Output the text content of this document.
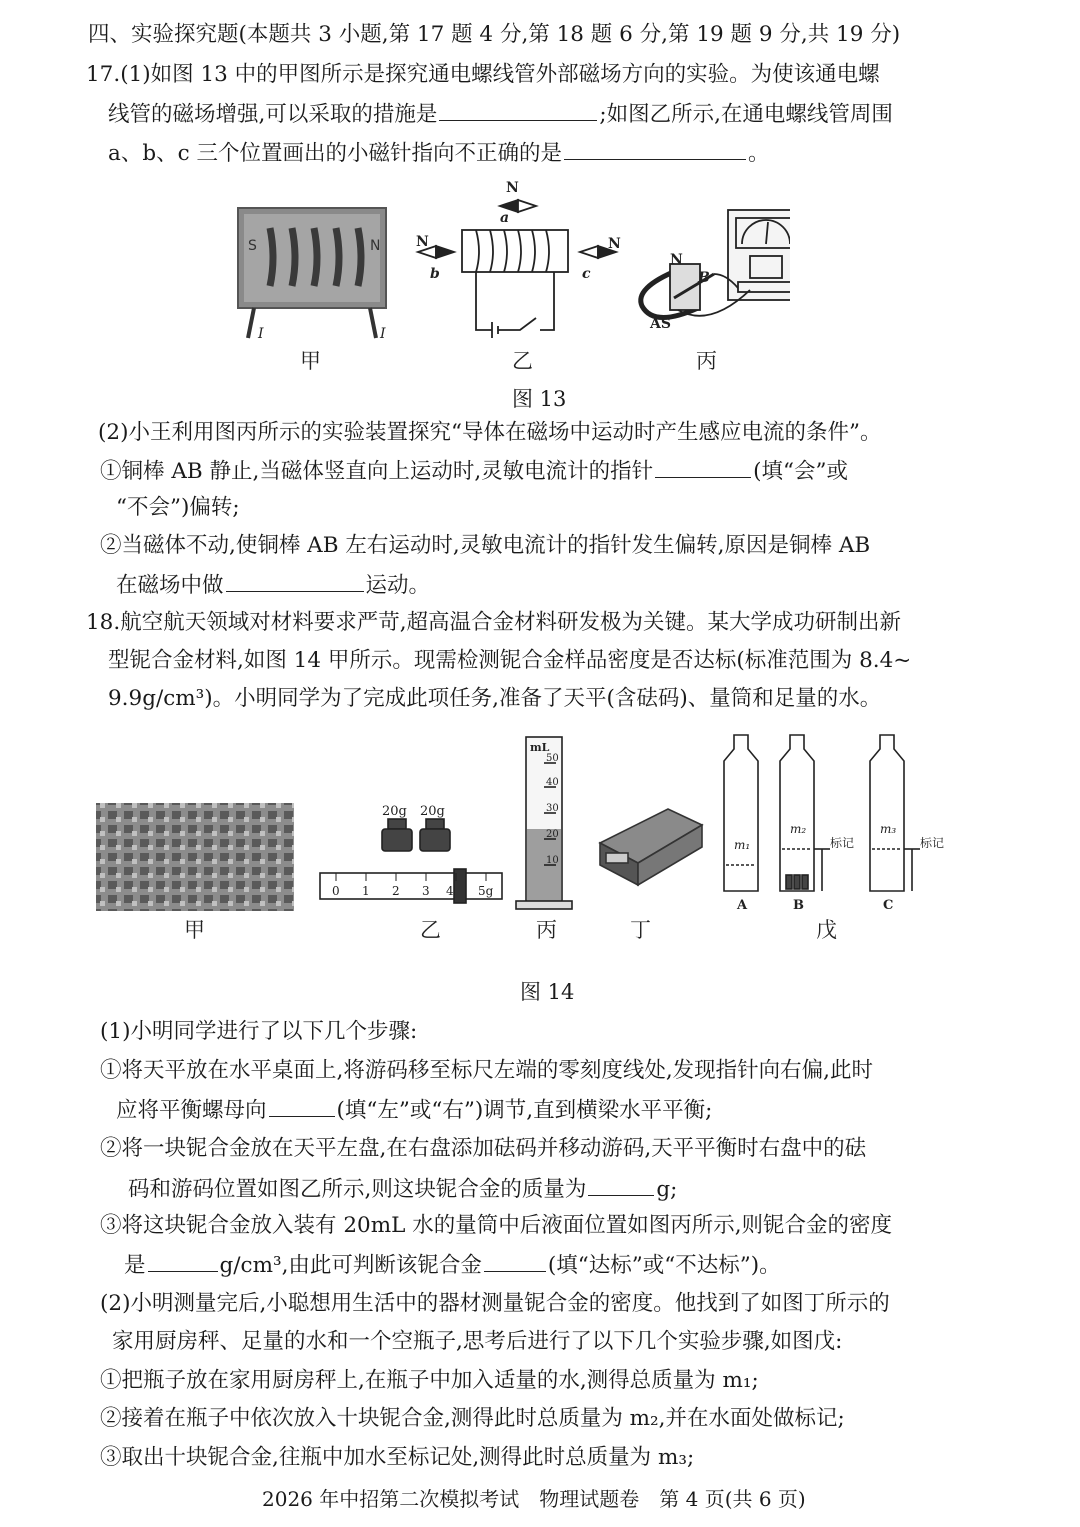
四、实验探究题(本题共 3 小题,第 17 题 4 分,第 18 题 6 分,第 19 题 9 分,共 19 分)
17.(1)如图 13 中的甲图所示是探究通电螺线管外部磁场方向的实验。为使该通电螺
线管的磁场增强,可以采取的措施是	;如图乙所示,在通电螺线管周围
a、b、c 三个位置画出的小磁针指向不正确的是	。
S	N
I	I
N
a
N
b
N
c
N
B
AS
甲	乙	丙
图 13
(2)小王利用图丙所示的实验装置探究“导体在磁场中运动时产生感应电流的条件”。
①铜棒 AB 静止,当磁体竖直向上运动时,灵敏电流计的指针	(填“会”或
“不会”)偏转;
②当磁体不动,使铜棒 AB 左右运动时,灵敏电流计的指针发生偏转,原因是铜棒 AB
在磁场中做	运动。
18.航空航天领域对材料要求严苛,超高温合金材料研发极为关键。某大学成功研制出新
型铌合金材料,如图 14 甲所示。现需检测铌合金样品密度是否达标(标准范围为 8.4~
9.9g/cm³)。小明同学为了完成此项任务,准备了天平(含砝码)、量筒和足量的水。
20g 20g
0 1 2 3 4 5g
mL
50
40
30
20
10
m₁
m₂	m₃
标记	标记
A	B	C
甲	乙	丙	丁	戊
图 14
(1)小明同学进行了以下几个步骤:
①将天平放在水平桌面上,将游码移至标尺左端的零刻度线处,发现指针向右偏,此时
应将平衡螺母向	(填“左”或“右”)调节,直到横梁水平平衡;
②将一块铌合金放在天平左盘,在右盘添加砝码并移动游码,天平平衡时右盘中的砝
码和游码位置如图乙所示,则这块铌合金的质量为	g;
③将这块铌合金放入装有 20mL 水的量筒中后液面位置如图丙所示,则铌合金的密度
是	g/cm³,由此可判断该铌合金	(填“达标”或“不达标”)。
(2)小明测量完后,小聪想用生活中的器材测量铌合金的密度。他找到了如图丁所示的
家用厨房秤、足量的水和一个空瓶子,思考后进行了以下几个实验步骤,如图戊:
①把瓶子放在家用厨房秤上,在瓶子中加入适量的水,测得总质量为 m₁;
②接着在瓶子中依次放入十块铌合金,测得此时总质量为 m₂,并在水面处做标记;
③取出十块铌合金,往瓶中加水至标记处,测得此时总质量为 m₃;
2026 年中招第二次模拟考试　物理试题卷　第 4 页(共 6 页)
